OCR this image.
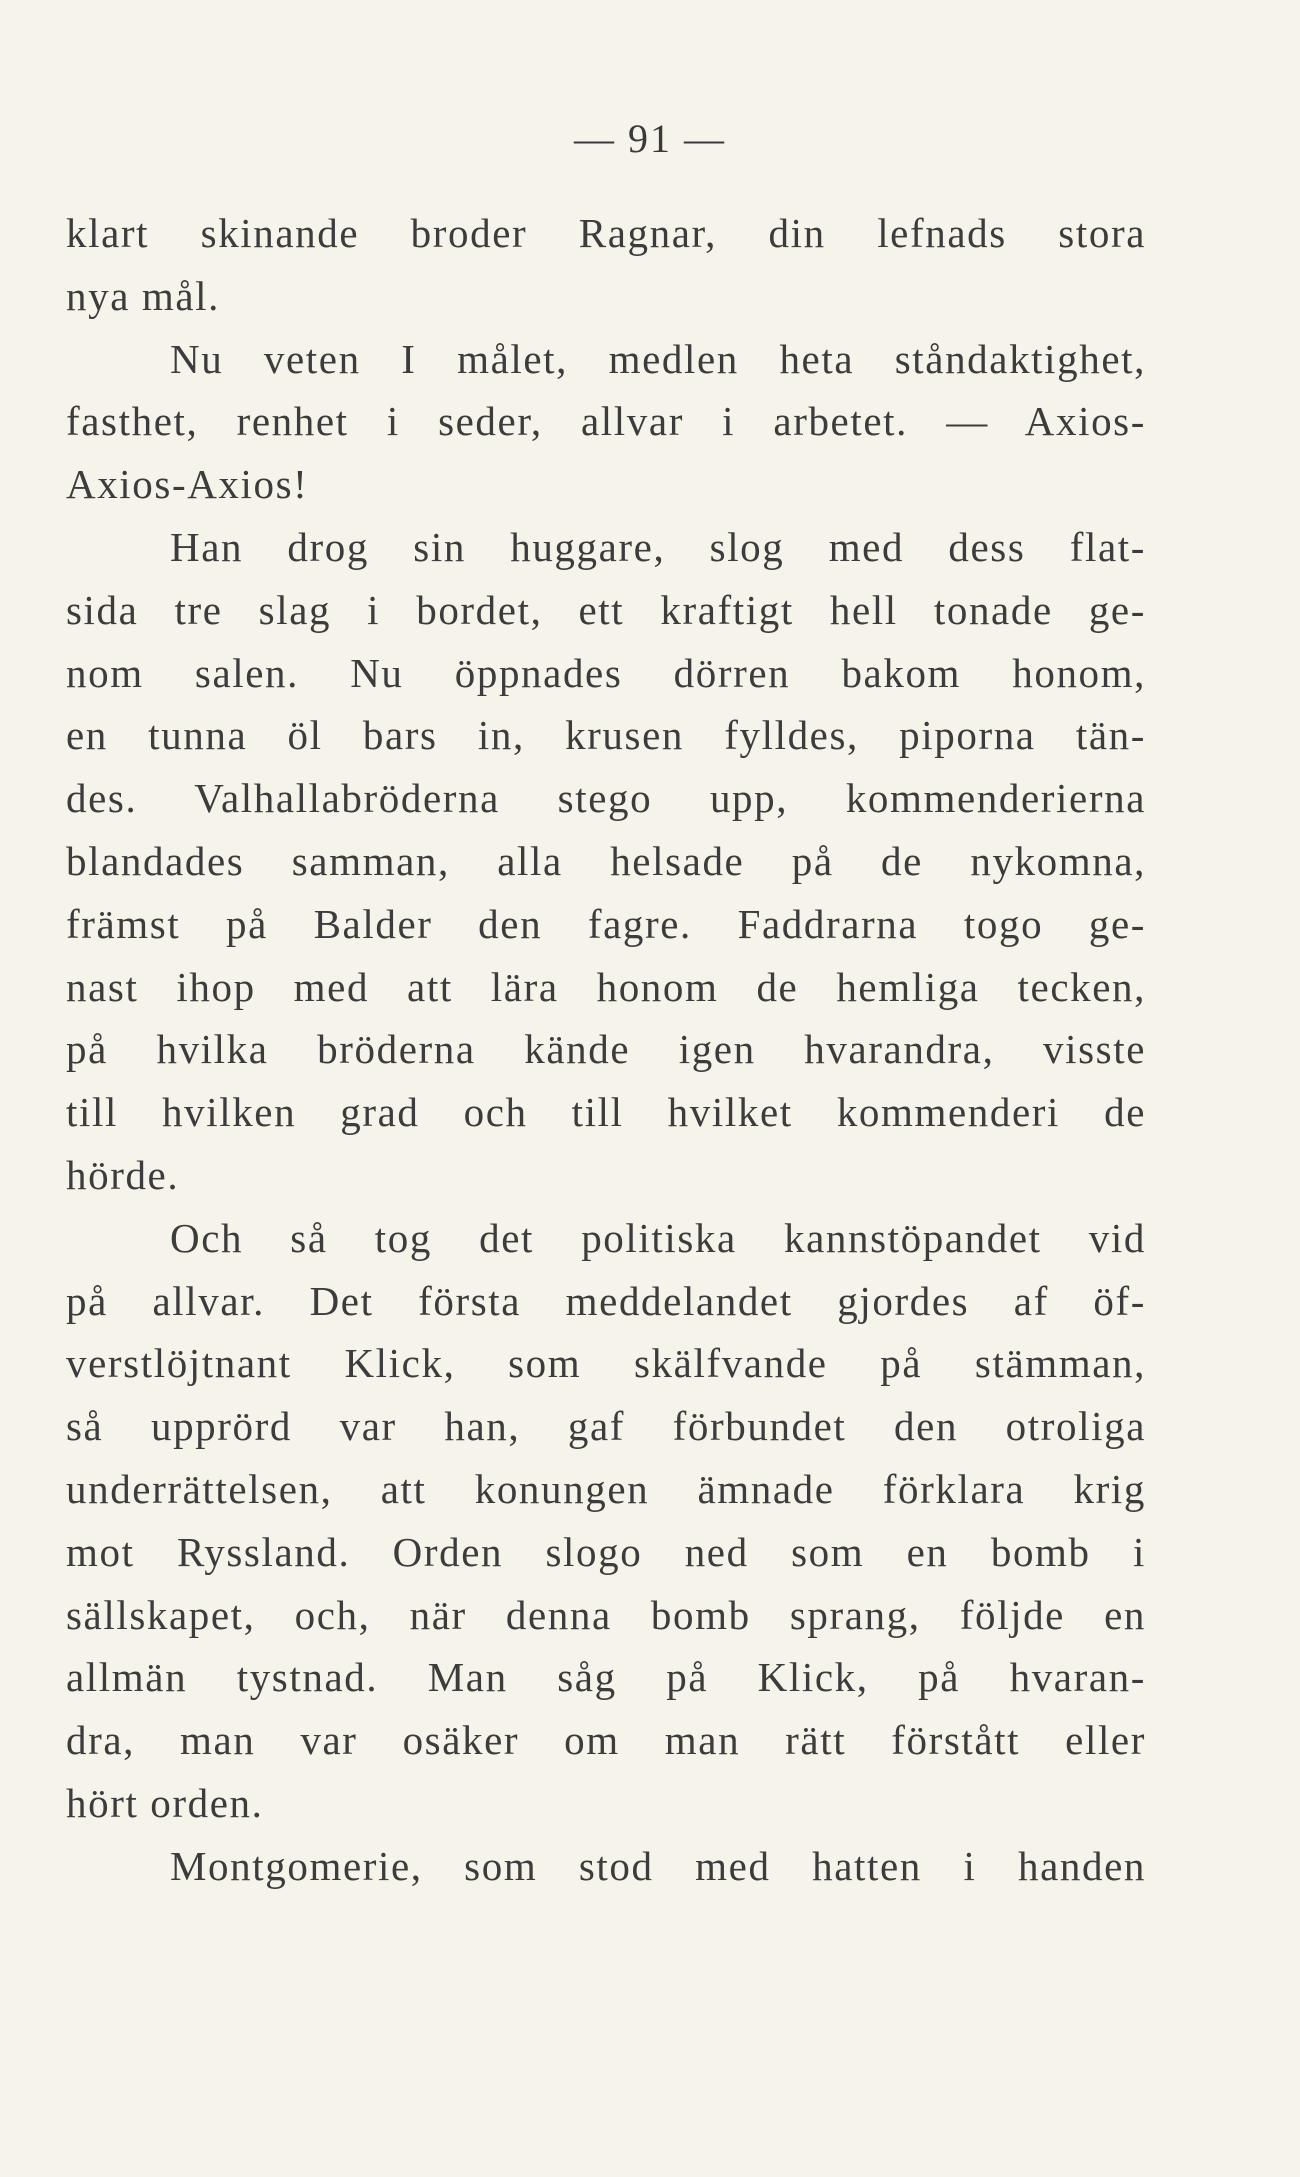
— 91 —
klart skinande broder Ragnar, din lefnads stora
nya mål.
Nu veten I målet, medlen heta ståndaktighet,
fasthet, renhet i seder, allvar i arbetet. — Axios-
Axios-Axios!
Han drog sin huggare, slog med dess flat-
sida tre slag i bordet, ett kraftigt hell tonade ge-
nom salen. Nu öppnades dörren bakom honom,
en tunna öl bars in, krusen fylldes, piporna tän-
des. Valhallabröderna stego upp, kommenderierna
blandades samman, alla helsade på de nykomna,
främst på Balder den fagre. Faddrarna togo ge-
nast ihop med att lära honom de hemliga tecken,
på hvilka bröderna kände igen hvarandra, visste
till hvilken grad och till hvilket kommenderi de
hörde.
Och så tog det politiska kannstöpandet vid
på allvar. Det första meddelandet gjordes af öf-
verstlöjtnant Klick, som skälfvande på stämman,
så upprörd var han, gaf förbundet den otroliga
underrättelsen, att konungen ämnade förklara krig
mot Ryssland. Orden slogo ned som en bomb i
sällskapet, och, när denna bomb sprang, följde en
allmän tystnad. Man såg på Klick, på hvaran-
dra, man var osäker om man rätt förstått eller
hört orden.
Montgomerie, som stod med hatten i handen
